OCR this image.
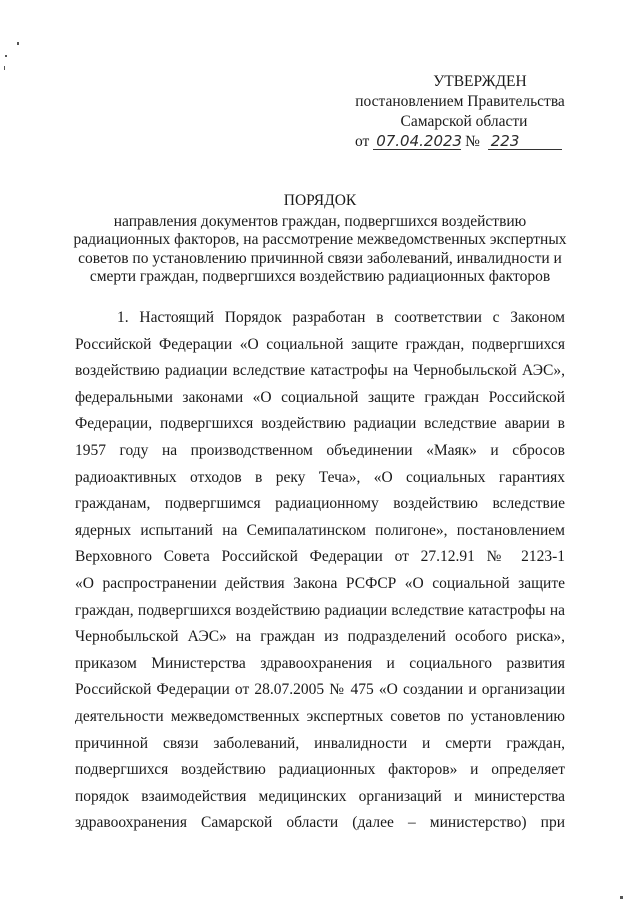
УТВЕРЖДЕН
постановлением Правительства
Самарской области
от 07.04.2023 № 223
ПОРЯДОК
направления документов граждан, подвергшихся воздействию
радиационных факторов, на рассмотрение межведомственных экспертных
советов по установлению причинной связи заболеваний, инвалидности и
смерти граждан, подвергшихся воздействию радиационных факторов
1. Настоящий Порядок разработан в соответствии с Законом
Российской Федерации «О социальной защите граждан, подвергшихся
воздействию радиации вследствие катастрофы на Чернобыльской АЭС»,
федеральными законами «О социальной защите граждан Российской
Федерации, подвергшихся воздействию радиации вследствие аварии в
1957 году на производственном объединении «Маяк» и сбросов
радиоактивных отходов в реку Теча», «О социальных гарантиях
гражданам, подвергшимся радиационному воздействию вследствие
ядерных испытаний на Семипалатинском полигоне», постановлением
Верховного Совета Российской Федерации от 27.12.91 № 2123-1
«О распространении действия Закона РСФСР «О социальной защите
граждан, подвергшихся воздействию радиации вследствие катастрофы на
Чернобыльской АЭС» на граждан из подразделений особого риска»,
приказом Министерства здравоохранения и социального развития
Российской Федерации от 28.07.2005 № 475 «О создании и организации
деятельности межведомственных экспертных советов по установлению
причинной связи заболеваний, инвалидности и смерти граждан,
подвергшихся воздействию радиационных факторов» и определяет
порядок взаимодействия медицинских организаций и министерства
здравоохранения Самарской области (далее – министерство) при
